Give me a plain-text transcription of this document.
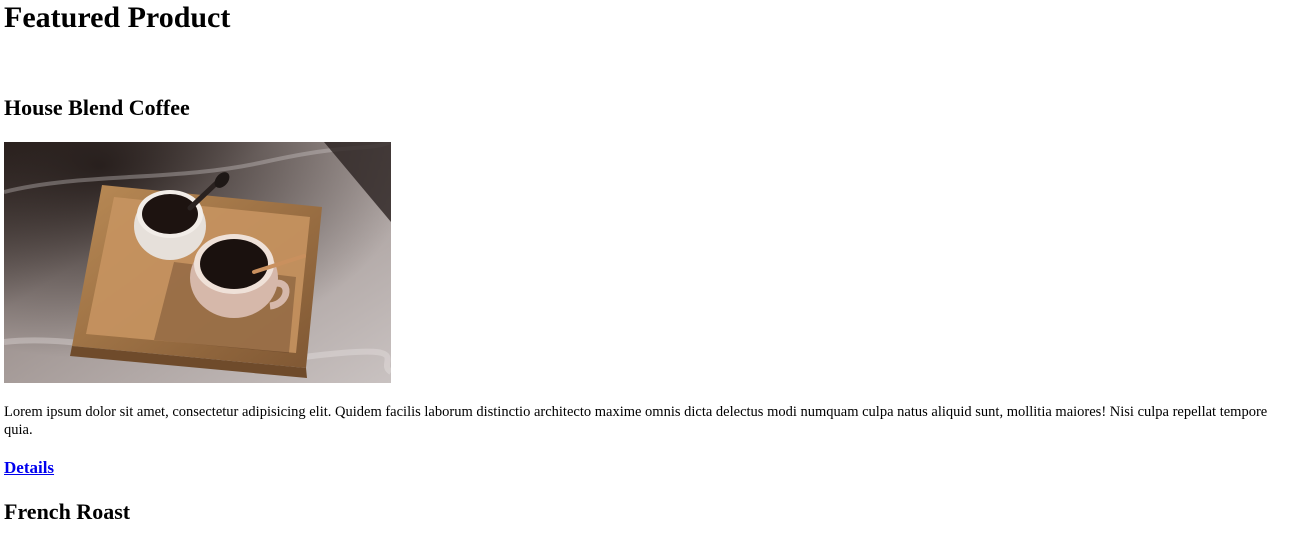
Featured Product
House Blend Coffee

Lorem ipsum dolor sit amet, consectetur adipisicing elit. Quidem facilis laborum distinctio architecto maxime omnis dicta delectus modi numquam culpa natus aliquid sunt, mollitia maiores! Nisi culpa repellat tempore quia.

Details
French Roast
